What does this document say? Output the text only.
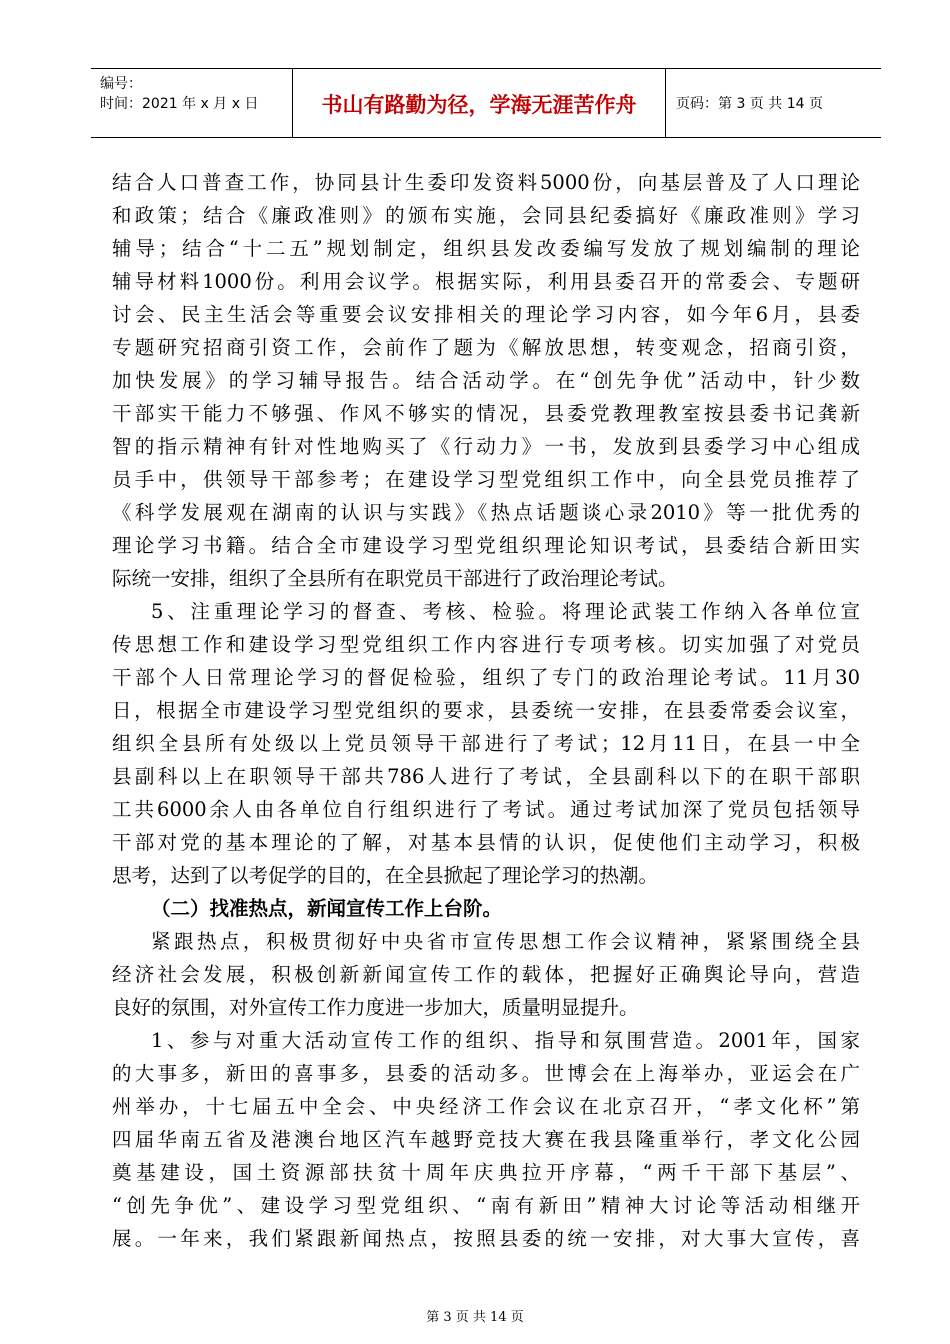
编号：
时间：2021 年 x 月 x 日	书山有路勤为径，学海无涯苦作舟	页码：第 3 页 共 14 页
结合人口普查工作，协同县计生委印发资料5000份，向基层普及了人口理论
和政策；结合《廉政准则》的颁布实施，会同县纪委搞好《廉政准则》学习
辅导；结合“十二五”规划制定，组织县发改委编写发放了规划编制的理论
辅导材料1000份。利用会议学。根据实际，利用县委召开的常委会、专题研
讨会、民主生活会等重要会议安排相关的理论学习内容，如今年6月，县委
专题研究招商引资工作，会前作了题为《解放思想，转变观念，招商引资，
加快发展》的学习辅导报告。结合活动学。在“创先争优”活动中，针少数
干部实干能力不够强、作风不够实的情况，县委党教理教室按县委书记龚新
智的指示精神有针对性地购买了《行动力》一书，发放到县委学习中心组成
员手中，供领导干部参考；在建设学习型党组织工作中，向全县党员推荐了
《科学发展观在湖南的认识与实践》《热点话题谈心录2010》等一批优秀的
理论学习书籍。结合全市建设学习型党组织理论知识考试，县委结合新田实
际统一安排，组织了全县所有在职党员干部进行了政治理论考试。
5、注重理论学习的督查、考核、检验。将理论武装工作纳入各单位宣
传思想工作和建设学习型党组织工作内容进行专项考核。切实加强了对党员
干部个人日常理论学习的督促检验，组织了专门的政治理论考试。11月30
日，根据全市建设学习型党组织的要求，县委统一安排，在县委常委会议室，
组织全县所有处级以上党员领导干部进行了考试；12月11日，在县一中全
县副科以上在职领导干部共786人进行了考试，全县副科以下的在职干部职
工共6000余人由各单位自行组织进行了考试。通过考试加深了党员包括领导
干部对党的基本理论的了解，对基本县情的认识，促使他们主动学习，积极
思考，达到了以考促学的目的，在全县掀起了理论学习的热潮。
（二）找准热点，新闻宣传工作上台阶。
紧跟热点，积极贯彻好中央省市宣传思想工作会议精神，紧紧围绕全县
经济社会发展，积极创新新闻宣传工作的载体，把握好正确舆论导向，营造
良好的氛围，对外宣传工作力度进一步加大，质量明显提升。
1、参与对重大活动宣传工作的组织、指导和氛围营造。2001年，国家
的大事多，新田的喜事多，县委的活动多。世博会在上海举办，亚运会在广
州举办，十七届五中全会、中央经济工作会议在北京召开，“孝文化杯”第
四届华南五省及港澳台地区汽车越野竞技大赛在我县隆重举行，孝文化公园
奠基建设，国土资源部扶贫十周年庆典拉开序幕，“两千干部下基层”、
“创先争优”、建设学习型党组织、“南有新田”精神大讨论等活动相继开
展。一年来，我们紧跟新闻热点，按照县委的统一安排，对大事大宣传，喜
第 3 页 共 14 页
